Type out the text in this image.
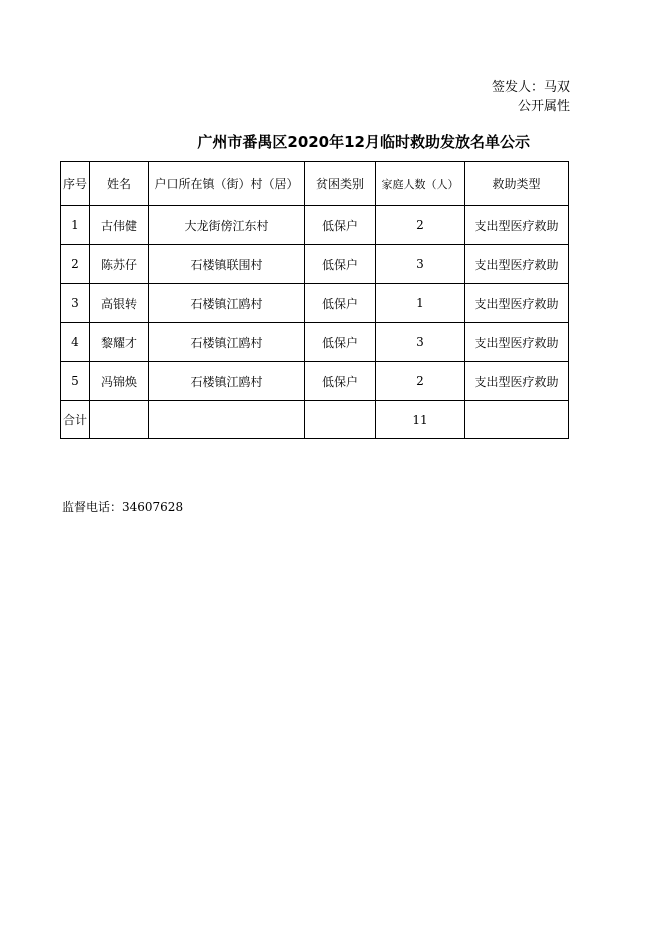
签发人：马双
公开属性
广州市番禺区2020年12月临时救助发放名单公示
序号	姓名	户口所在镇（街）村（居）	贫困类别	家庭人数（人）	救助类型
1	古伟健	大龙街傍江东村	低保户	2	支出型医疗救助
2	陈苏仔	石楼镇联围村	低保户	3	支出型医疗救助
3	高银转	石楼镇江鸥村	低保户	1	支出型医疗救助
4	黎耀才	石楼镇江鸥村	低保户	3	支出型医疗救助
5	冯锦焕	石楼镇江鸥村	低保户	2	支出型医疗救助
合计				11	
监督电话：34607628
